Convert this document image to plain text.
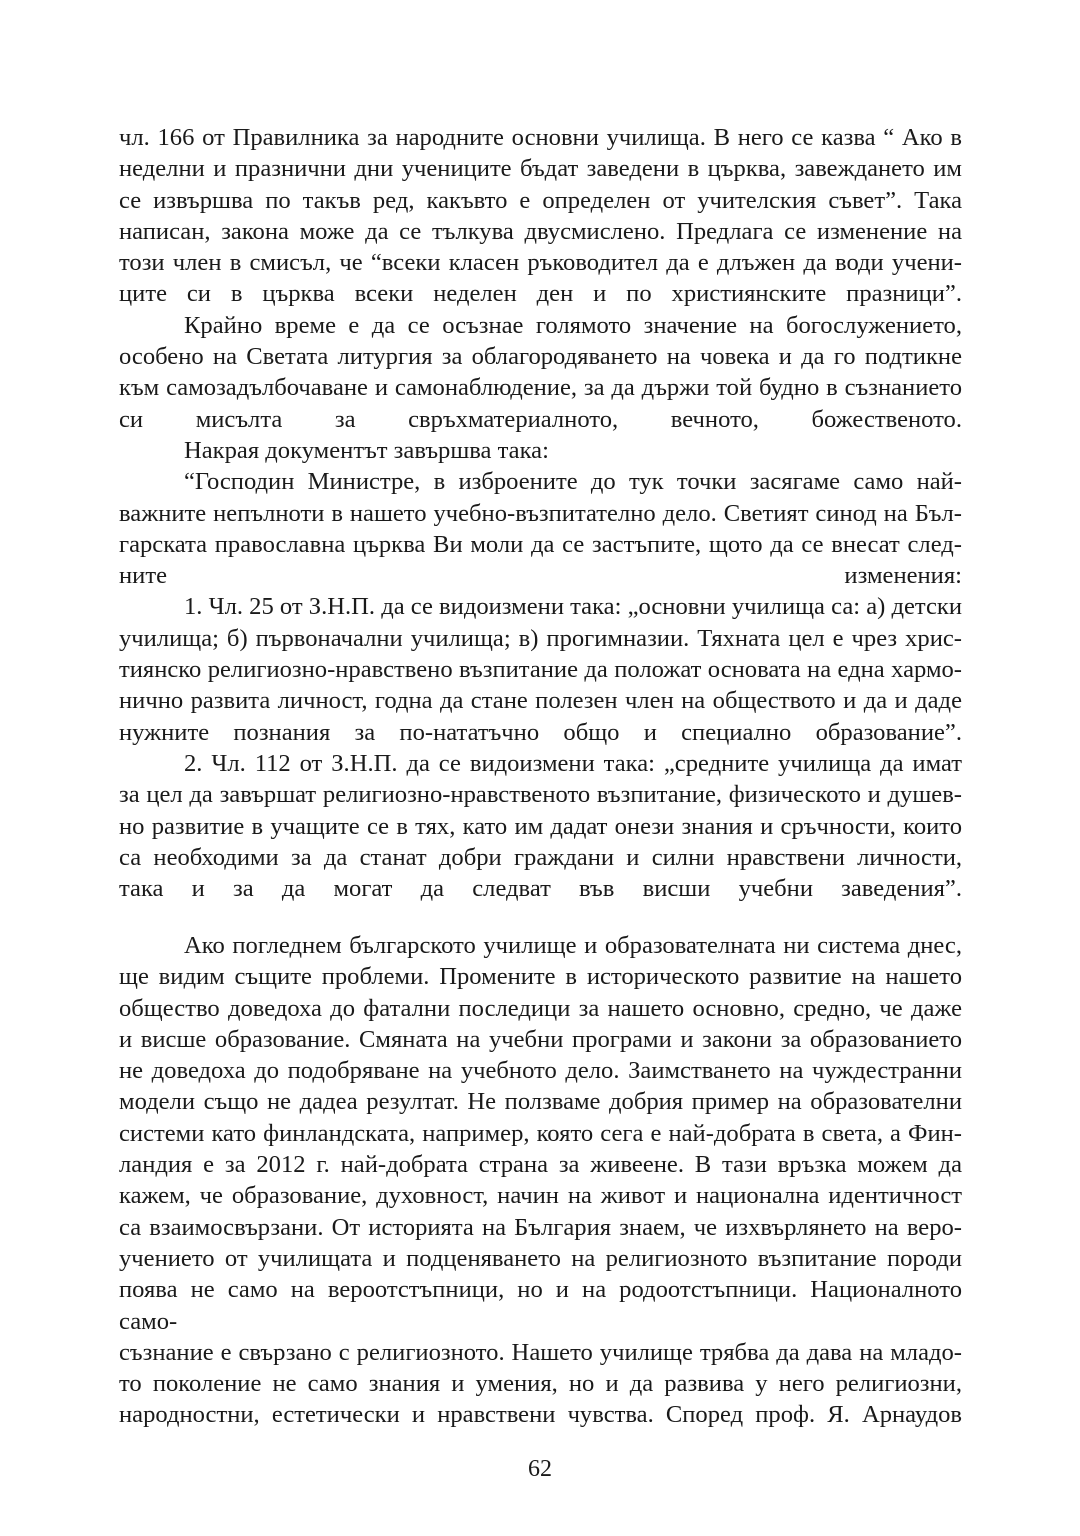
чл. 166 от Правилника за народните основни училища. В него се казва “ Ако в
неделни и празнични дни учениците бъдат заведени в църква, завеждането им
се извършва по такъв ред, какъвто е определен от учителския съвет”. Така
написан, закона може да се тълкува двусмислено. Предлага се изменение на
този член в смисъл, че “всеки класен ръководител да е длъжен да води учени-
ците си в църква всеки неделен ден и по християнските празници”.

Крайно време е да се осъзнае голямото значение на богослужението,
особено на Светата литургия за облагородяването на човека и да го подтикне
към самозадълбочаване и самонаблюдение, за да държи той будно в съзнанието
си мисълта за свръхматериалното, вечното, божественото.

Накрая документът завършва така:

“Господин Министре, в изброените до тук точки засягаме само най-
важните непълноти в нашето учебно-възпитателно дело. Светият синод на Бъл-
гарската православна църква Ви моли да се застъпите, щото да се внесат след-
ните изменения:

1. Чл. 25 от З.Н.П. да се видоизмени така: „основни училища са: а) детски
училища; б) първоначални училища; в) прогимназии. Тяхната цел е чрез хрис-
тиянско религиозно-нравствено възпитание да положат основата на една хармо-
нично развита личност, годна да стане полезен член на обществото и да и даде
нужните познания за по-нататъчно общо и специално образование”.

2. Чл. 112 от З.Н.П. да се видоизмени така: „средните училища да имат
за цел да завършат религиозно-нравственото възпитание, физическото и душев-
но развитие в учащите се в тях, като им дадат онези знания и сръчности, които
са необходими за да станат добри граждани и силни нравствени личности,
така и за да могат да следват във висши учебни заведения”.

Ако погледнем българското училище и образователната ни система днес,
ще видим същите проблеми. Промените в историческото развитие на нашето
общество доведоха до фатални последици за нашето основно, средно, че даже
и висше образование. Смяната на учебни програми и закони за образованието
не доведоха до подобряване на учебното дело. Заимстването на чуждестранни
модели също не дадеа резултат. Не ползваме добрия пример на образователни
системи като финландската, например, която сега е най-добрата в света, а Фин-
ландия е за 2012 г. най-добрата страна за живеене. В тази връзка можем да
кажем, че образование, духовност, начин на живот и национална идентичност
са взаимосвързани. От историята на България знаем, че изхвърлянето на веро-
учението от училищата и подценяването на религиозното възпитание породи
поява не само на вероотстъпници, но и на родоотстъпници. Националното само-
съзнание е свързано с религиозното. Нашето училище трябва да дава на младо-
то поколение не само знания и умения, но и да развива у него религиозни,
народностни, естетически и нравствени чувства. Според проф. Я. Арнаудов

62
